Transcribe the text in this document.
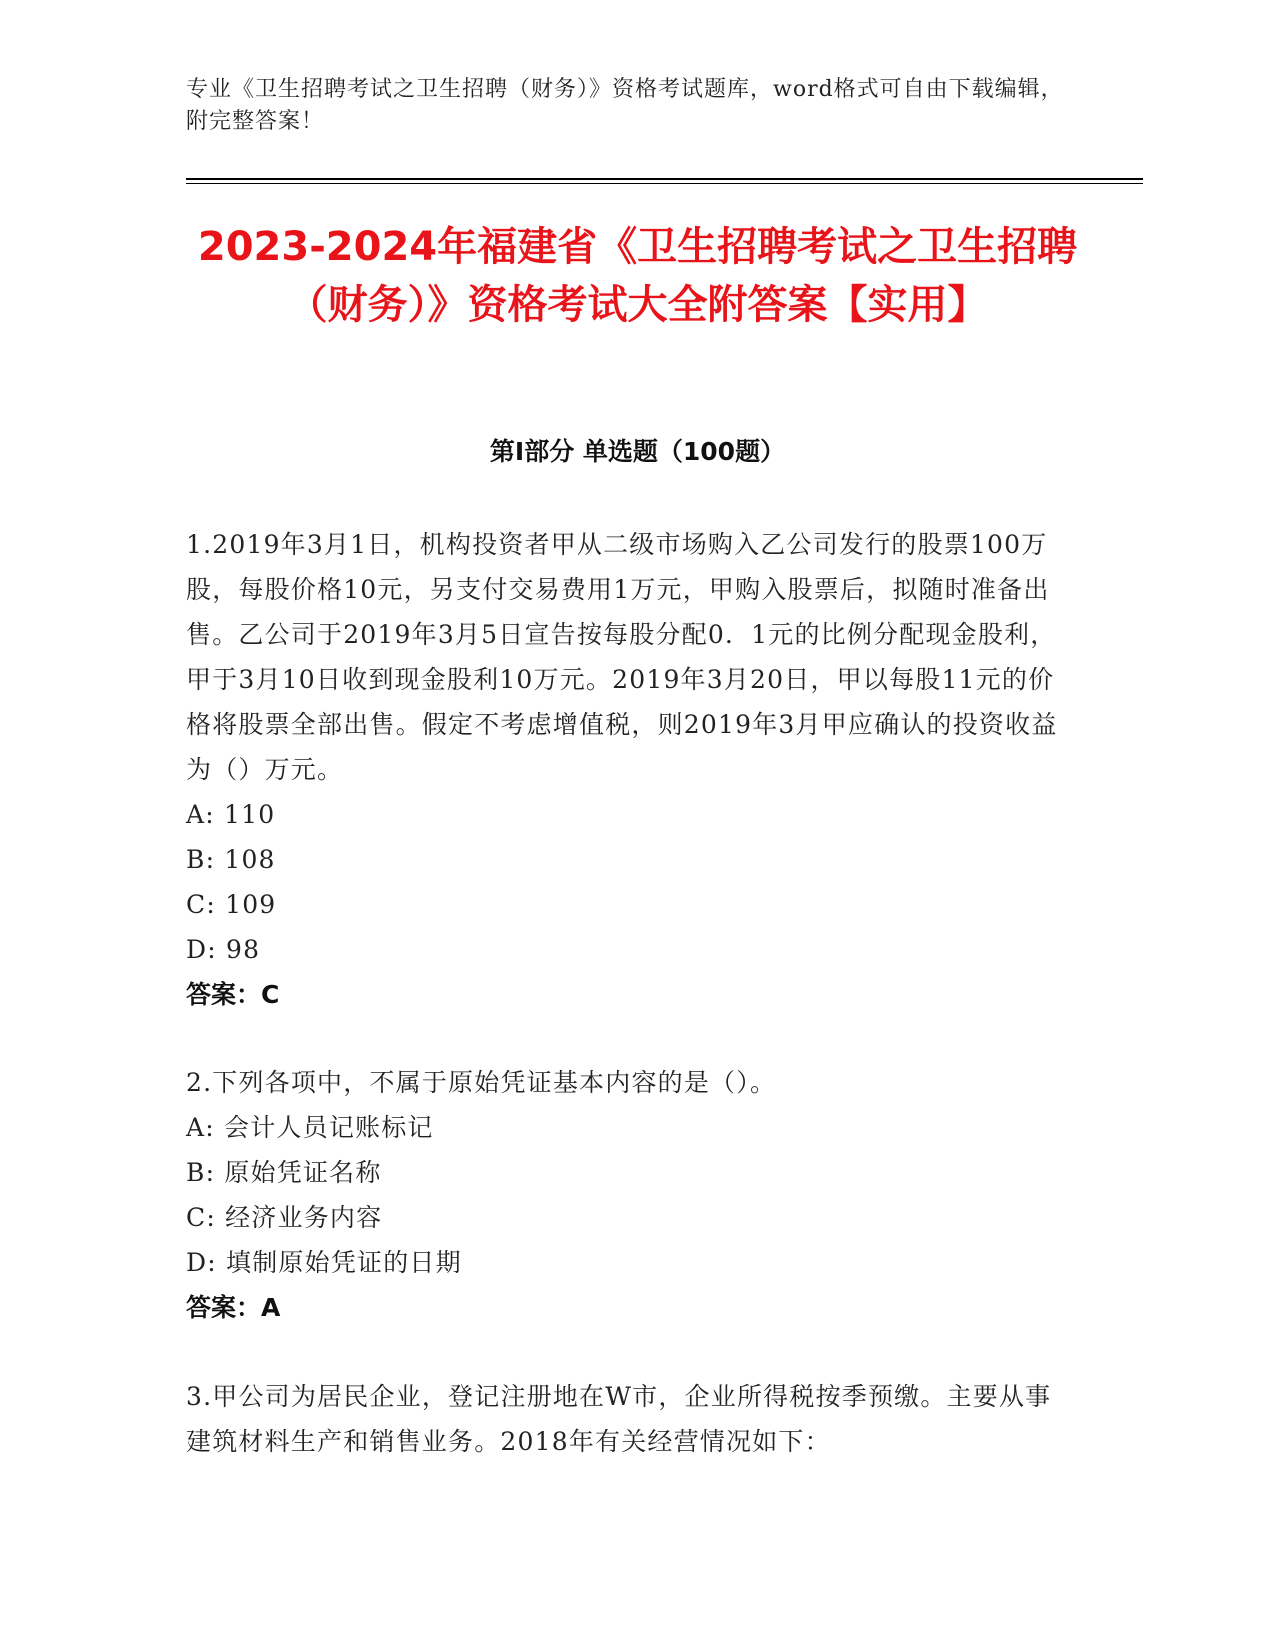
专业《卫生招聘考试之卫生招聘（财务）》资格考试题库，word格式可自由下载编辑，附完整答案！
2023-2024年福建省《卫生招聘考试之卫生招聘（财务）》资格考试大全附答案【实用】
第Ⅰ部分 单选题（100题）
1.2019年3月1日，机构投资者甲从二级市场购入乙公司发行的股票100万股，每股价格10元，另支付交易费用1万元，甲购入股票后，拟随时准备出售。乙公司于2019年3月5日宣告按每股分配0．1元的比例分配现金股利，甲于3月10日收到现金股利10万元。2019年3月20日，甲以每股11元的价格将股票全部出售。假定不考虑增值税，则2019年3月甲应确认的投资收益为（）万元。
A: 110
B: 108
C: 109
D: 98
答案：C
2.下列各项中，不属于原始凭证基本内容的是（）。
A: 会计人员记账标记
B: 原始凭证名称
C: 经济业务内容
D: 填制原始凭证的日期
答案：A
3.甲公司为居民企业，登记注册地在W市，企业所得税按季预缴。主要从事建筑材料生产和销售业务。2018年有关经营情况如下：
